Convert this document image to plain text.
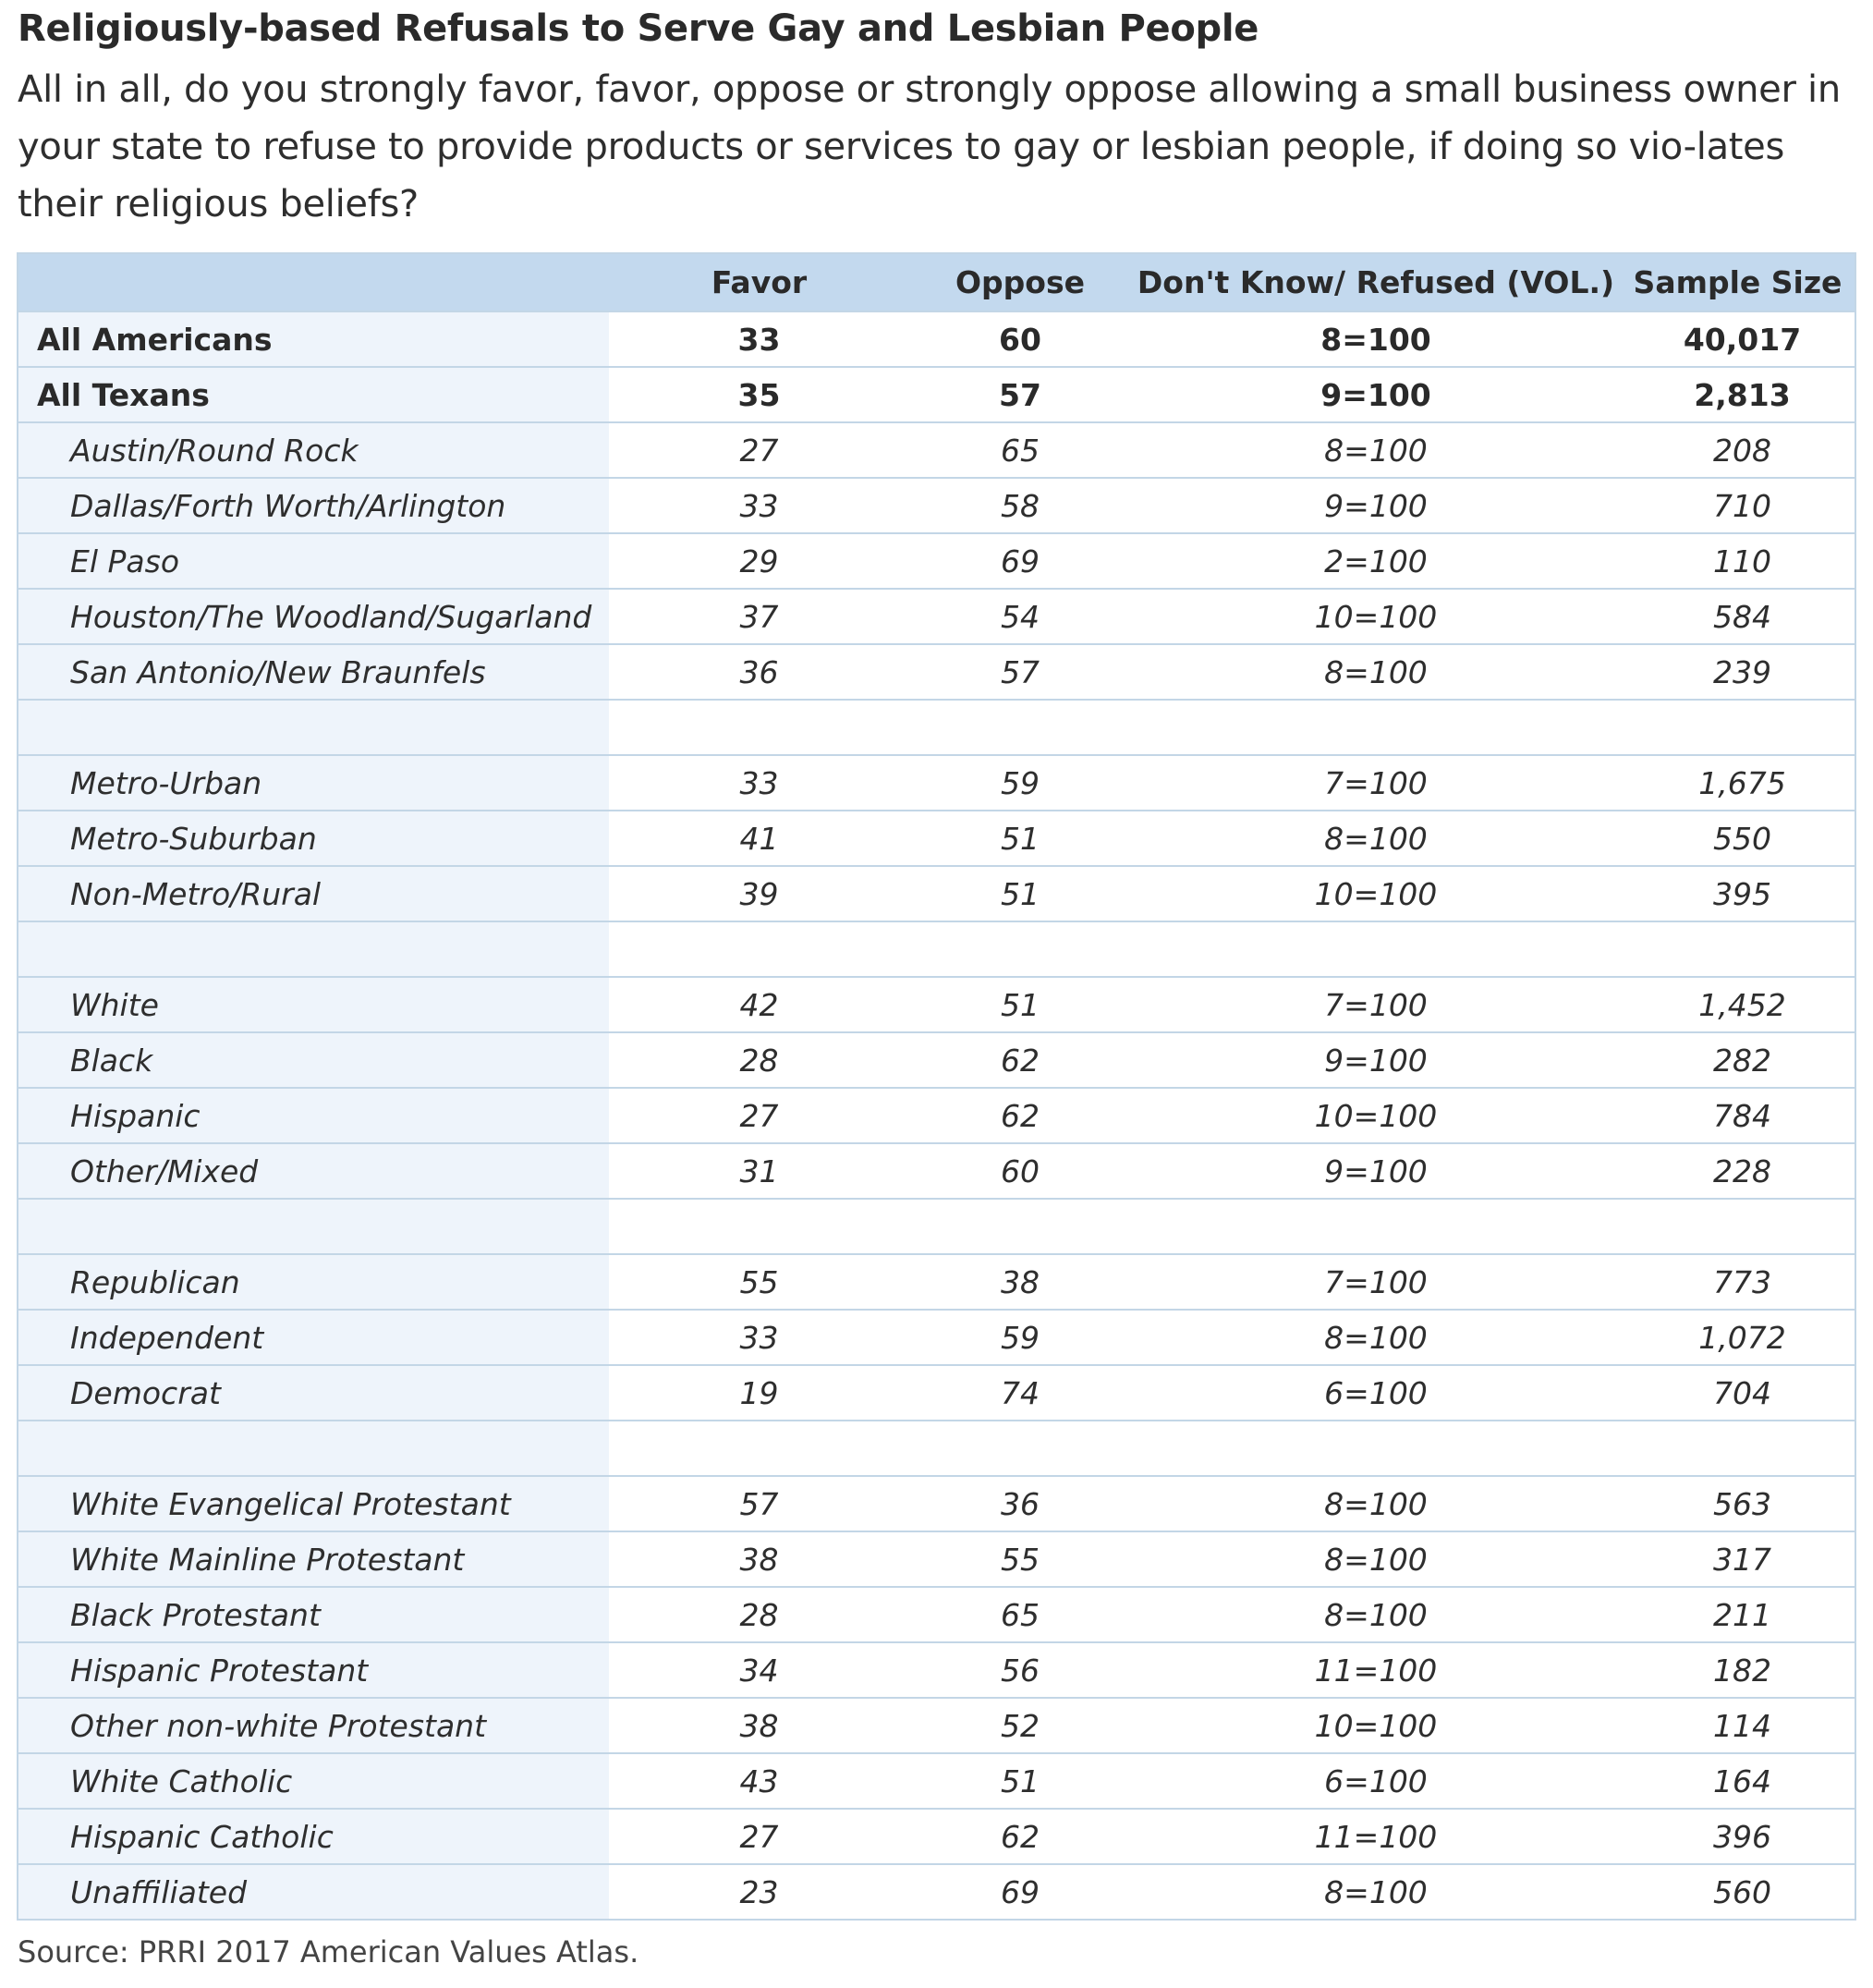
Religiously-based Refusals to Serve Gay and Lesbian People
All in all, do you strongly favor, favor, oppose or strongly oppose allowing a small business owner in your state to refuse to provide products or services to gay or lesbian people, if doing so vio-lates their religious beliefs?
	Favor	Oppose	Don't Know/ Refused (VOL.)	Sample Size
All Americans	33	60	8=100	40,017
All Texans	35	57	9=100	2,813
Austin/Round Rock	27	65	8=100	208
Dallas/Forth Worth/Arlington	33	58	9=100	710
El Paso	29	69	2=100	110
Houston/The Woodland/Sugarland	37	54	10=100	584
San Antonio/New Braunfels	36	57	8=100	239

Metro-Urban	33	59	7=100	1,675
Metro-Suburban	41	51	8=100	550
Non-Metro/Rural	39	51	10=100	395

White	42	51	7=100	1,452
Black	28	62	9=100	282
Hispanic	27	62	10=100	784
Other/Mixed	31	60	9=100	228

Republican	55	38	7=100	773
Independent	33	59	8=100	1,072
Democrat	19	74	6=100	704

White Evangelical Protestant	57	36	8=100	563
White Mainline Protestant	38	55	8=100	317
Black Protestant	28	65	8=100	211
Hispanic Protestant	34	56	11=100	182
Other non-white Protestant	38	52	10=100	114
White Catholic	43	51	6=100	164
Hispanic Catholic	27	62	11=100	396
Unaffiliated	23	69	8=100	560
Source: PRRI 2017 American Values Atlas.
